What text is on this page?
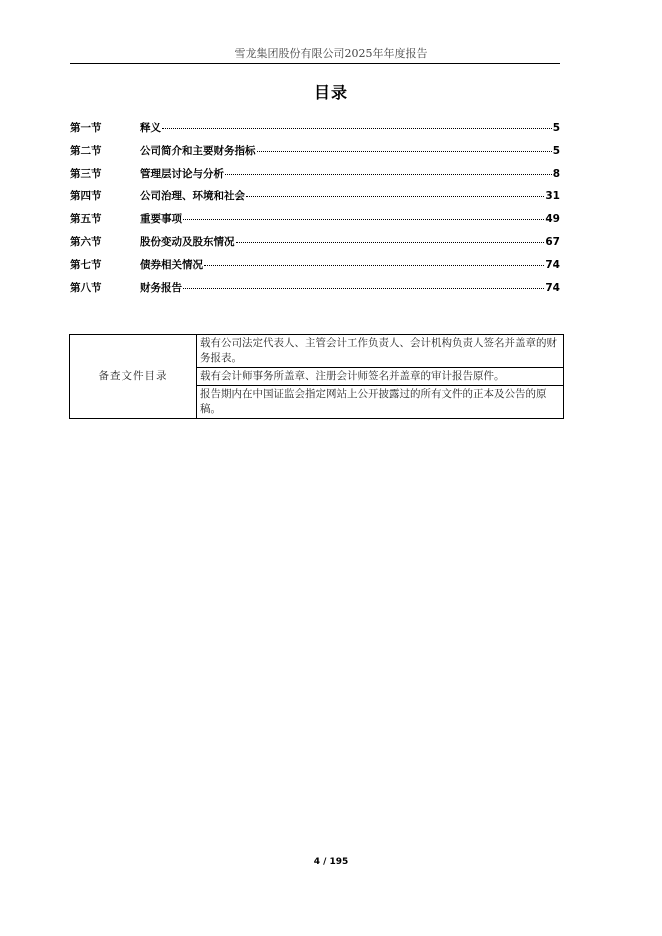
雪龙集团股份有限公司2025年年度报告
目录
第一节	释义	5
第二节	公司简介和主要财务指标	5
第三节	管理层讨论与分析	8
第四节	公司治理、环境和社会	31
第五节	重要事项	49
第六节	股份变动及股东情况	67
第七节	债券相关情况	74
第八节	财务报告	74
备查文件目录	载有公司法定代表人、主管会计工作负责人、会计机构负责人签名并盖章的财务报表。
载有会计师事务所盖章、注册会计师签名并盖章的审计报告原件。
报告期内在中国证监会指定网站上公开披露过的所有文件的正本及公告的原稿。
4 / 195
